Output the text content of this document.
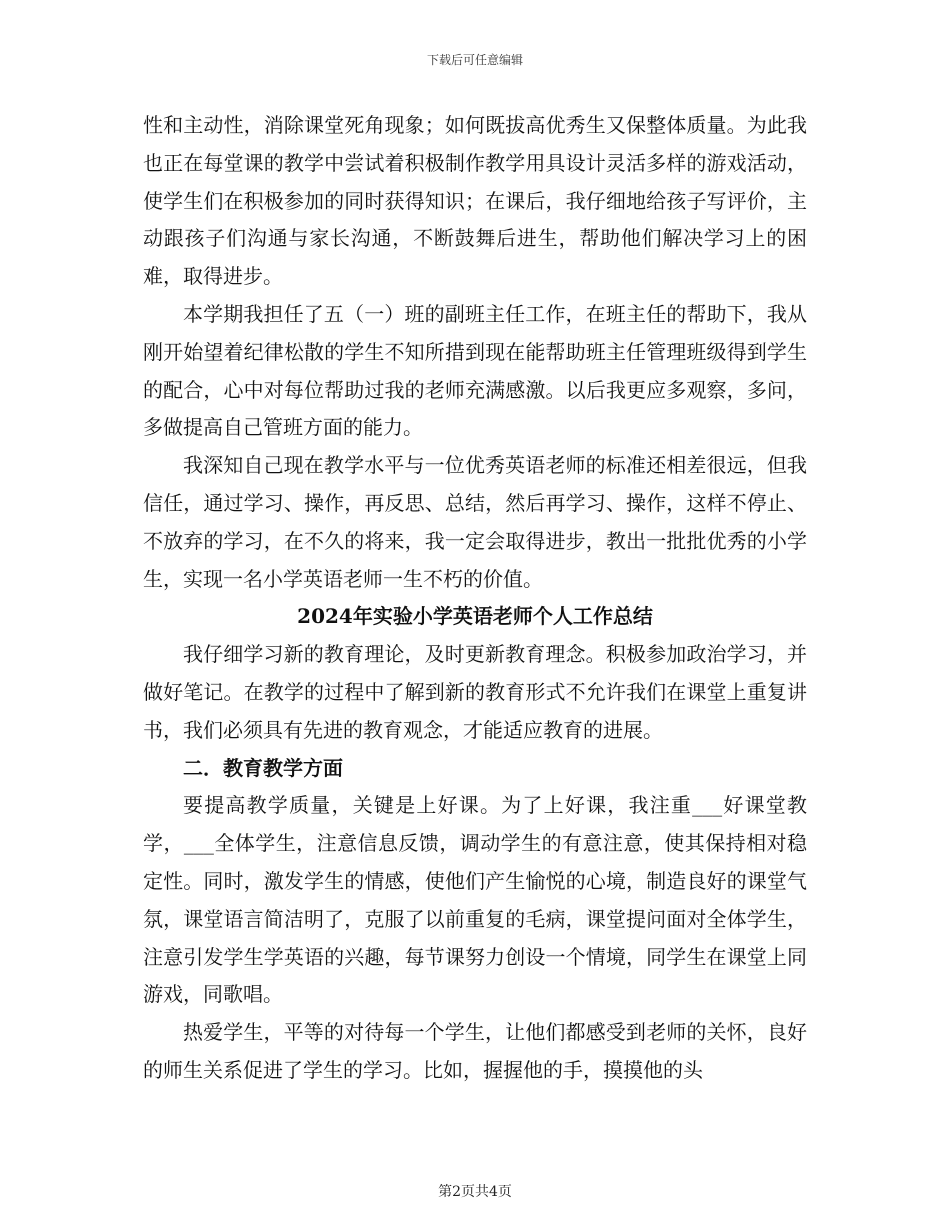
下载后可任意编辑

性和主动性，消除课堂死角现象；如何既拔高优秀生又保整体质量。为此我也正在每堂课的教学中尝试着积极制作教学用具设计灵活多样的游戏活动，使学生们在积极参加的同时获得知识；在课后，我仔细地给孩子写评价，主动跟孩子们沟通与家长沟通，不断鼓舞后进生，帮助他们解决学习上的困难，取得进步。

本学期我担任了五（一）班的副班主任工作，在班主任的帮助下，我从刚开始望着纪律松散的学生不知所措到现在能帮助班主任管理班级得到学生的配合，心中对每位帮助过我的老师充满感激。以后我更应多观察，多问，多做提高自己管班方面的能力。

我深知自己现在教学水平与一位优秀英语老师的标准还相差很远，但我信任，通过学习、操作，再反思、总结，然后再学习、操作，这样不停止、不放弃的学习，在不久的将来，我一定会取得进步，教出一批批优秀的小学生，实现一名小学英语老师一生不朽的价值。

2024年实验小学英语老师个人工作总结

我仔细学习新的教育理论，及时更新教育理念。积极参加政治学习，并做好笔记。在教学的过程中了解到新的教育形式不允许我们在课堂上重复讲书，我们必须具有先进的教育观念，才能适应教育的进展。

二．教育教学方面

要提高教学质量，关键是上好课。为了上好课，我注重___好课堂教学，___全体学生，注意信息反馈，调动学生的有意注意，使其保持相对稳定性。同时，激发学生的情感，使他们产生愉悦的心境，制造良好的课堂气氛，课堂语言简洁明了，克服了以前重复的毛病，课堂提问面对全体学生，注意引发学生学英语的兴趣，每节课努力创设一个情境，同学生在课堂上同游戏，同歌唱。

热爱学生，平等的对待每一个学生，让他们都感受到老师的关怀，良好的师生关系促进了学生的学习。比如，握握他的手，摸摸他的头

第2页共4页
